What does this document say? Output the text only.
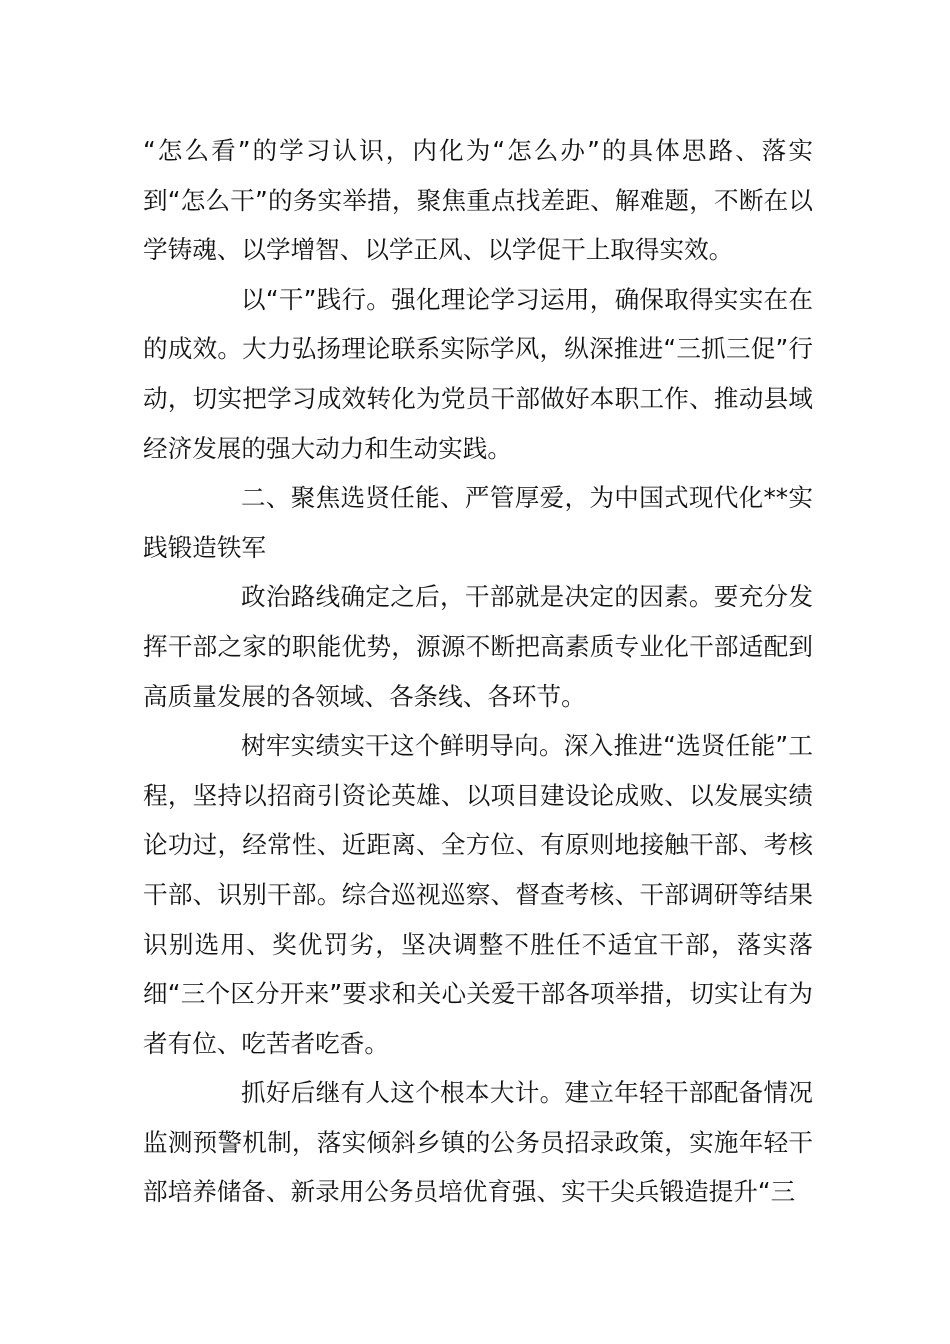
“怎么看”的学习认识，内化为“怎么办”的具体思路、落实到“怎么干”的务实举措，聚焦重点找差距、解难题，不断在以学铸魂、以学增智、以学正风、以学促干上取得实效。

以“干”践行。强化理论学习运用，确保取得实实在在的成效。大力弘扬理论联系实际学风，纵深推进“三抓三促”行动，切实把学习成效转化为党员干部做好本职工作、推动县域经济发展的强大动力和生动实践。

二、聚焦选贤任能、严管厚爱，为中国式现代化**实践锻造铁军

政治路线确定之后，干部就是决定的因素。要充分发挥干部之家的职能优势，源源不断把高素质专业化干部适配到高质量发展的各领域、各条线、各环节。

树牢实绩实干这个鲜明导向。深入推进“选贤任能”工程，坚持以招商引资论英雄、以项目建设论成败、以发展实绩论功过，经常性、近距离、全方位、有原则地接触干部、考核干部、识别干部。综合巡视巡察、督查考核、干部调研等结果识别选用、奖优罚劣，坚决调整不胜任不适宜干部，落实落细“三个区分开来”要求和关心关爱干部各项举措，切实让有为者有位、吃苦者吃香。

抓好后继有人这个根本大计。建立年轻干部配备情况监测预警机制，落实倾斜乡镇的公务员招录政策，实施年轻干部培养储备、新录用公务员培优育强、实干尖兵锻造提升“三
